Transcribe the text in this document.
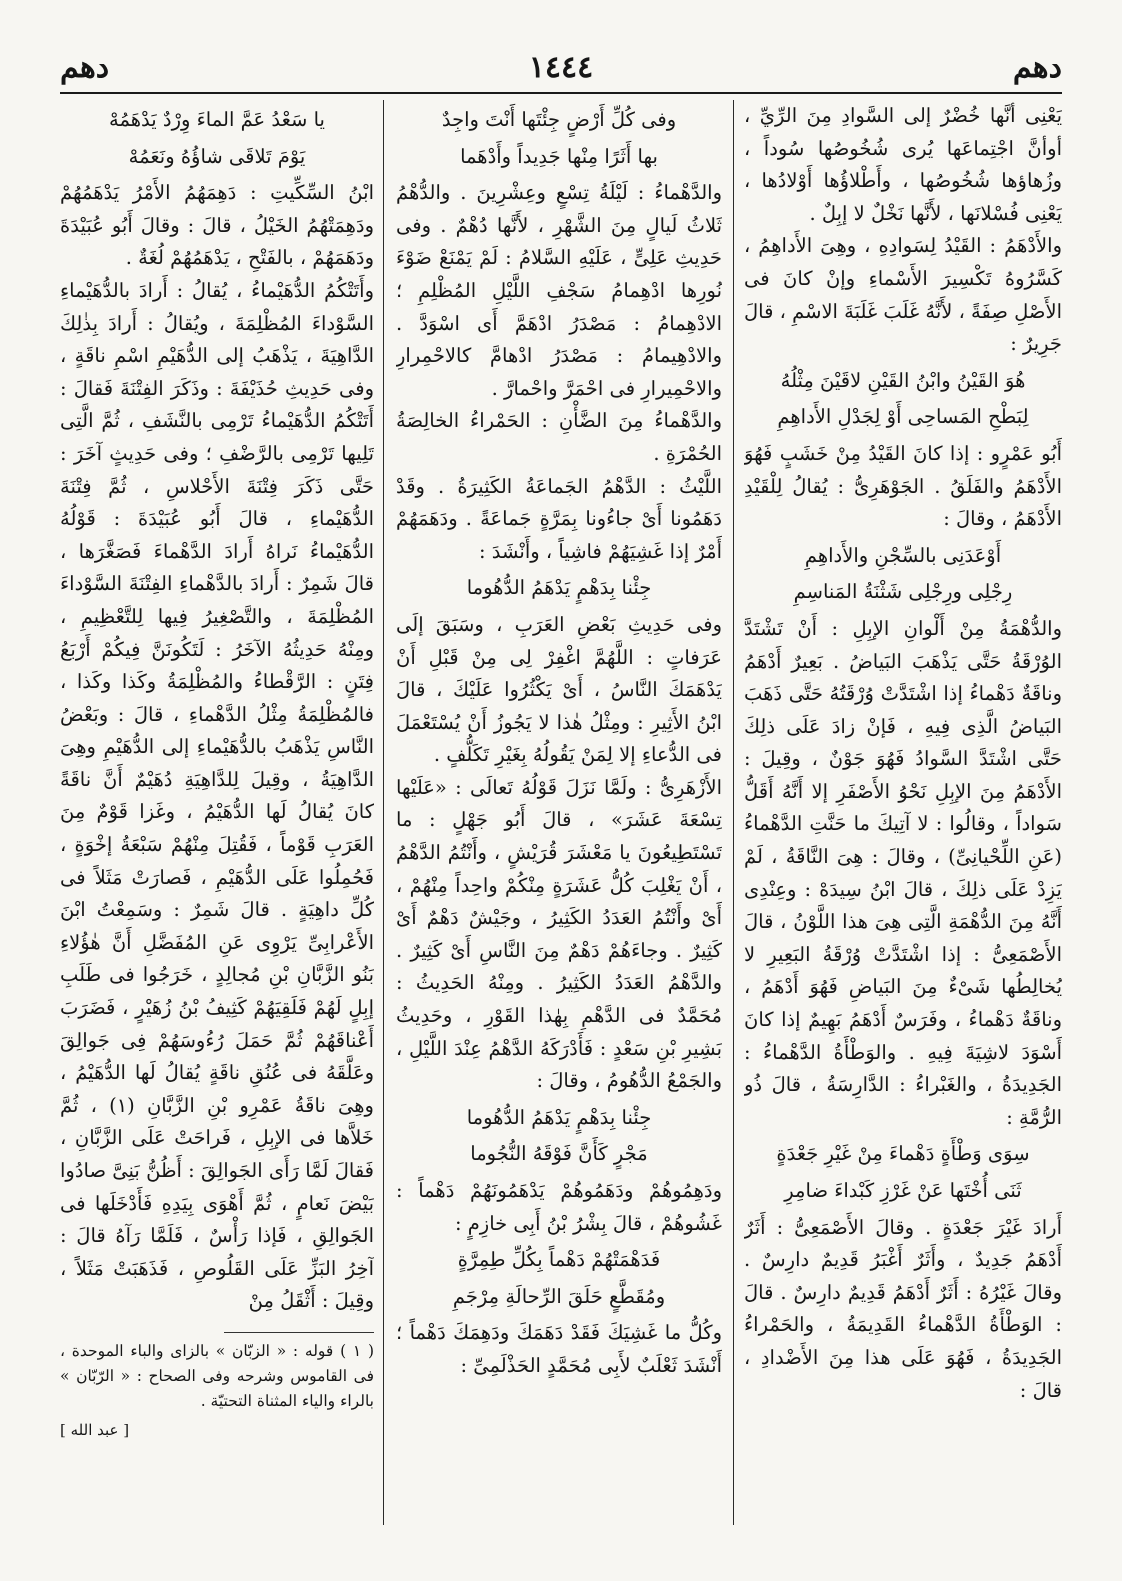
دهم
١٤٤٤
دهم

يَعْنِى أنَّها خُضْرٌ إلى السَّوادِ مِنَ الرِّيِّ ، أوأنَّ اجْتِماعَها يُرى شُخُوصُها سُوداً ، وزُهاؤها شُخُوصُها ، وأَطْلاؤُها أَوْلادُها ، يَعْنِى فُسْلانَها ، لأَنَّها نَخْلٌ لا إبِلٌ .

والأَدْهَمُ : القَيْدُ لِسَوادِهِ ، وهِىَ الأَداهِمُ ، كَسَّرُوهُ تَكْسِيرَ الأَسْماءِ وإنْ كانَ فى الأَصْلِ صِفَةً ، لأَنَّهُ غَلَبَ غَلَبَةَ الاسْمِ ، قالَ جَرِيرٌ :

هُوَ القَيْنُ وابْنُ القَيْنِ لاقَيْنَ مِثْلُهُ

لِبَطْحِ المَساحِى أَوْ لِجَدْلِ الأَداهِمِ

أَبُو عَمْرٍو : إذا كانَ القَيْدُ مِنْ خَشَبٍ فَهُوَ الأَدْهَمُ والفَلَقُ . الجَوْهَرِىُّ : يُقالُ لِلْقَيْدِ الأَدْهَمُ ، وقالَ :

أَوْعَدَنِى بالسِّجْنِ والأَداهِمِ

رِجْلِى ورِجْلِى شَثْنَةُ المَناسِمِ

والدُّهْمَةُ مِنْ أَلْوانِ الإبِلِ : أَنْ تَشْتَدَّ الوُرْقَةُ حَتَّى يَذْهَبَ البَياضُ . بَعِيرٌ أَدْهَمُ وناقَةٌ دَهْماءُ إذا اشْتَدَّتْ وُرْقَتُهُ حَتَّى ذَهَبَ البَياضُ الَّذِى فِيهِ ، فَإنْ زادَ عَلَى ذلِكَ حَتَّى اشْتَدَّ السَّوادُ فَهُوَ جَوْنٌ ، وقِيلَ : الأَدْهَمُ مِنَ الإبِلِ نَحْوُ الأَصْفَرِ إلا أَنَّهُ أَقَلُّ سَواداً ، وقالُوا : لا آتِيكَ ما حَنَّتِ الدَّهْماءُ (عَنِ اللِّحْيانِىِّ) ، وقالَ : هِىَ النَّاقَةُ ، لَمْ يَزِدْ عَلَى ذلِكَ ، قالَ ابْنُ سِيدَهْ : وعِنْدِى أَنَّهُ مِنَ الدُّهْمَةِ الَّتِى هِىَ هذا اللَّوْنُ ، قالَ الأَصْمَعِىُّ : إذا اشْتَدَّتْ وُرْقَةُ البَعِيرِ لا يُخالِطُها شَىْءٌ مِنَ البَياضِ فَهُوَ أَدْهَمُ ، وناقَةٌ دَهْماءُ ، وفَرَسٌ أَدْهَمُ بَهِيمٌ إذا كانَ أَسْوَدَ لاشِيَةَ فِيهِ . والوَطْأَةُ الدَّهْماءُ : الجَدِيدَةُ ، والغَبْراءُ : الدَّارِسَةُ ، قالَ ذُو الرُّمَّةِ :

سِوَى وَطْأَةٍ دَهْماءَ مِنْ غَيْرِ جَعْدَةٍ

ثَنَى أُخْتَها عَنْ غَرْزِ كَبْداءَ ضامِرِ

أَرادَ غَيْرَ جَعْدَةٍ . وقالَ الأَصْمَعِىُّ : أَثَرٌ أَدْهَمُ جَدِيدٌ ، وأَثَرٌ أَغْبَرُ قَدِيمٌ دارِسٌ . وقالَ غَيْرُهُ : أَثَرٌ أَدْهَمُ قَدِيمٌ دارِسٌ . قالَ : الوَطْأَةُ الدَّهْماءُ القَدِيمَةُ ، والحَمْراءُ الجَدِيدَةُ ، فَهُوَ عَلَى هذا مِنَ الأَضْدادِ ، قالَ :

وفى كُلِّ أَرْضٍ جِئْتَها أَنْتَ واجِدٌ

بها أَثَرًا مِنْها جَدِيداً وأَدْهَما

والدَّهْماءُ : لَيْلَةُ تِسْعٍ وعِشْرِينَ . والدُّهْمُ ثَلاثُ لَيالٍ مِنَ الشَّهْرِ ، لأَنَّها دُهْمٌ . وفى حَدِيثِ عَلِىٍّ ، عَلَيْهِ السَّلامُ : لَمْ يَمْنَعْ ضَوْءَ نُورِها ادْهِمامُ سَجْفِ اللَّيْلِ المُظْلِمِ ؛ الادْهِمامُ : مَصْدَرُ ادْهَمَّ أَى اسْوَدَّ . والادْهِيمامُ : مَصْدَرُ ادْهامَّ كالاحْمِرارِ والاحْمِيرارِ فى احْمَرَّ واحْمارَّ .

والدَّهْماءُ مِنَ الضَّأْنِ : الحَمْراءُ الخالِصَةُ الحُمْرَةِ .

اللَّيْثُ : الدَّهْمُ الجَماعَةُ الكَثِيرَةُ . وقَدْ دَهَمُونا أَىْ جاءُونا بِمَرَّةٍ جَماعَةً . ودَهَمَهُمْ أَمْرٌ إذا غَشِيَهُمْ فاشِياً ، وأَنْشَدَ :

جِئْنا بِدَهْمٍ يَدْهَمُ الدُّهُوما

وفى حَدِيثِ بَعْضِ العَرَبِ ، وسَبَقَ إلَى عَرَفاتٍ : اللَّهُمَّ اغْفِرْ لِى مِنْ قَبْلِ أَنْ يَدْهَمَكَ النَّاسُ ، أَىْ يَكْثُرُوا عَلَيْكَ ، قالَ ابْنُ الأَثِيرِ : ومِثْلُ هٰذا لا يَجُوزُ أَنْ يُسْتَعْمَلَ فى الدُّعاءِ إلا لِمَنْ يَقُولُهُ بِغَيْرِ تَكَلُّفٍ .

الأَزْهَرِىُّ : ولَمَّا نَزَلَ قَوْلُهُ تَعالَى : «عَلَيْها تِسْعَةَ عَشَرَ» ، قالَ أَبُو جَهْلٍ : ما تَسْتَطِيعُونَ يا مَعْشَرَ قُرَيْشٍ ، وأَنْتُمُ الدَّهْمُ ، أَنْ يَغْلِبَ كُلُّ عَشَرَةٍ مِنْكُمْ واحِداً مِنْهُمْ ، أَىْ وأَنْتُمُ العَدَدُ الكَثِيرُ ، وجَيْشٌ دَهْمٌ أَىْ كَثِيرٌ . وجاءَهُمْ دَهْمٌ مِنَ النَّاسِ أَىْ كَثِيرٌ . والدَّهْمُ العَدَدُ الكَثِيرُ . ومِنْهُ الحَدِيثُ : مُحَمَّدٌ فى الدَّهْمِ بِهٰذا القَوْرِ ، وحَدِيثُ بَشِيرِ بْنِ سَعْدٍ : فَأَدْرَكَهُ الدَّهْمُ عِنْدَ اللَّيْلِ ، والجَمْعُ الدُّهُومُ ، وقالَ :

جِئْنا بِدَهْمٍ يَدْهَمُ الدُّهُوما

مَجْرٍ كَأَنَّ فَوْقَهُ النُّجُوما

ودَهِمُوهُمْ ودَهَمُوهُمْ يَدْهَمُونَهُمْ دَهْماً : غَشُوهُمْ ، قالَ بِشْرُ بْنُ أَبِى خازِمٍ :

فَدَهْمَتْهُمْ دَهْماً بِكُلِّ طِمِرَّةٍ

ومُقَطَّعٍ حَلَقَ الرِّحالَةِ مِرْجَمِ

وكُلُّ ما غَشِيَكَ فَقَدْ دَهَمَكَ ودَهِمَكَ دَهْماً ؛ أَنْشَدَ ثَعْلَبٌ لأَبِى مُحَمَّدٍ الحَذْلَمِىِّ :

يا سَعْدُ عَمَّ الماءَ وِرْدٌ يَدْهَمُهْ

يَوْمَ تَلاقَى شاؤُهُ ونَعَمُهْ

ابْنُ السِّكِّيتِ : دَهِمَهُمُ الأَمْرُ يَدْهَمُهُمْ ودَهِمَتْهُمُ الخَيْلُ ، قالَ : وقالَ أَبُو عُبَيْدَةَ ودَهَمَهُمْ ، بالفَتْحِ ، يَدْهَمُهُمْ لُغَةٌ .

وأَتَتْكُمُ الدُّهَيْماءُ ، يُقالُ : أَرادَ بالدُّهَيْماءِ السَّوْداءَ المُظْلِمَةَ ، ويُقالُ : أَرادَ بِذٰلِكَ الدَّاهِيَةَ ، يَذْهَبُ إلى الدُّهَيْمِ اسْمِ ناقَةٍ ، وفى حَدِيثِ حُذَيْفَةَ : وذَكَرَ الفِتْنَةَ فَقالَ : أَتَتْكُمُ الدُّهَيْماءُ تَرْمِى بالنَّشَفِ ، ثُمَّ الَّتِى تَلِيها تَرْمِى بالرَّضْفِ ؛ وفى حَدِيثٍ آخَرَ : حَتَّى ذَكَرَ فِتْنَةَ الأَحْلاسِ ، ثُمَّ فِتْنَةَ الدُّهَيْماءِ ، قالَ أَبُو عُبَيْدَةَ : قَوْلُهُ الدُّهَيْماءُ نَراهُ أَرادَ الدَّهْماءَ فَصَغَّرَها ، قالَ شَمِرٌ : أَرادَ بالدَّهْماءِ الفِتْنَةَ السَّوْداءَ المُظْلِمَةَ ، والتَّصْغِيرُ فِيها لِلتَّعْظِيمِ ، ومِنْهُ حَدِيثُهُ الآخَرُ : لَتَكُونَنَّ فِيكُمْ أَرْبَعُ فِتَنٍ : الرَّقْطاءُ والمُظْلِمَةُ وكَذا وكَذا ، فالمُظْلِمَةُ مِثْلُ الدَّهْماءِ ، قالَ : وبَعْضُ النَّاسِ يَذْهَبُ بالدُّهَيْماءِ إلى الدُّهَيْمِ وهِىَ الدَّاهِيَةُ ، وقِيلَ لِلدَّاهِيَةِ دُهَيْمٌ أَنَّ ناقَةً كانَ يُقالُ لَها الدُّهَيْمُ ، وغَزا قَوْمٌ مِنَ العَرَبِ قَوْماً ، فَقُتِلَ مِنْهُمْ سَبْعَةُ إخْوَةٍ ، فَحُمِلُوا عَلَى الدُّهَيْمِ ، فَصارَتْ مَثَلاً فى كُلِّ داهِيَةٍ . قالَ شَمِرٌ : وسَمِعْتُ ابْنَ الأَعْرابِىِّ يَرْوِى عَنِ المُفَضَّلِ أَنَّ هٰؤُلاءِ بَنُو الزَّبَّانِ بْنِ مُجالِدٍ ، خَرَجُوا فى طَلَبِ إبِلٍ لَهُمْ فَلَقِيَهُمْ كَثِيفُ بْنُ زُهَيْرٍ ، فَضَرَبَ أَعْناقَهُمْ ثُمَّ حَمَلَ رُءُوسَهُمْ فِى جَوالِقَ وعَلَّقَهُ فى عُنُقِ ناقَةٍ يُقالُ لَها الدُّهَيْمُ ، وهِىَ ناقَةُ عَمْرِو بْنِ الزَّبَّانِ (١) ، ثُمَّ خَلاَّها فى الإبِلِ ، فَراحَتْ عَلَى الزَّبَّانِ ، فَقالَ لَمَّا رَأَى الجَوالِقَ : أَظُنُّ بَنِىَّ صادُوا بَيْضَ نَعامٍ ، ثُمَّ أَهْوَى بِيَدِهِ فَأَدْخَلَها فى الجَوالِقِ ، فَإذا رَأْسٌ ، فَلَمَّا رَآهُ قالَ : آخِرُ البَزِّ عَلَى القَلُوصِ ، فَذَهَبَتْ مَثَلاً ، وقِيلَ : أَثْقَلُ مِنْ

( ١ ) قوله : « الزبّان » بالزاى والباء الموحدة ، فى القاموس وشرحه وفى الصحاح : « الرّبّان » بالراء والياء المثناة التحتيّة .

[ عبد الله ]
